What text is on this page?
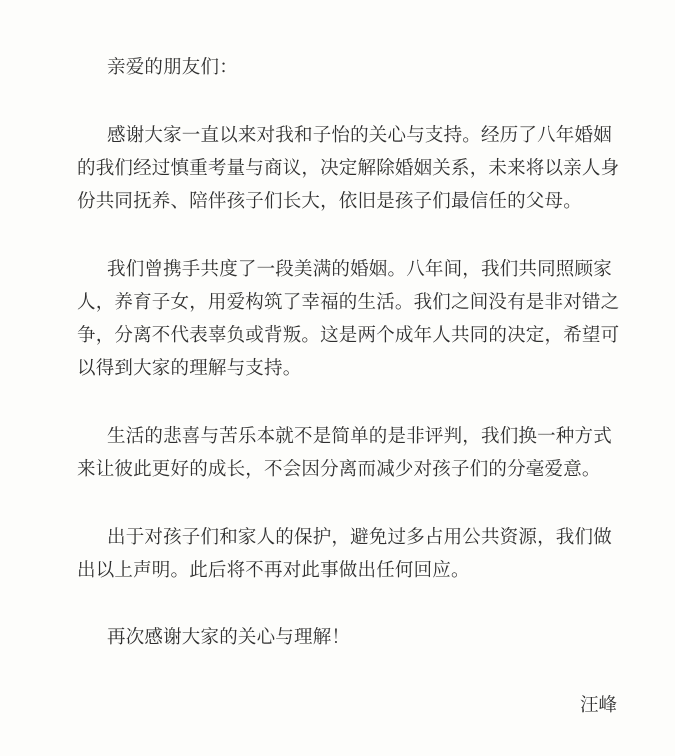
亲爱的朋友们：
感谢大家一直以来对我和子怡的关心与支持。经历了八年婚姻
的我们经过慎重考量与商议，决定解除婚姻关系，未来将以亲人身
份共同抚养、陪伴孩子们长大，依旧是孩子们最信任的父母。
我们曾携手共度了一段美满的婚姻。八年间，我们共同照顾家
人，养育子女，用爱构筑了幸福的生活。我们之间没有是非对错之
争，分离不代表辜负或背叛。这是两个成年人共同的决定，希望可
以得到大家的理解与支持。
生活的悲喜与苦乐本就不是简单的是非评判，我们换一种方式
来让彼此更好的成长，不会因分离而减少对孩子们的分毫爱意。
出于对孩子们和家人的保护，避免过多占用公共资源，我们做
出以上声明。此后将不再对此事做出任何回应。
再次感谢大家的关心与理解！
汪峰
